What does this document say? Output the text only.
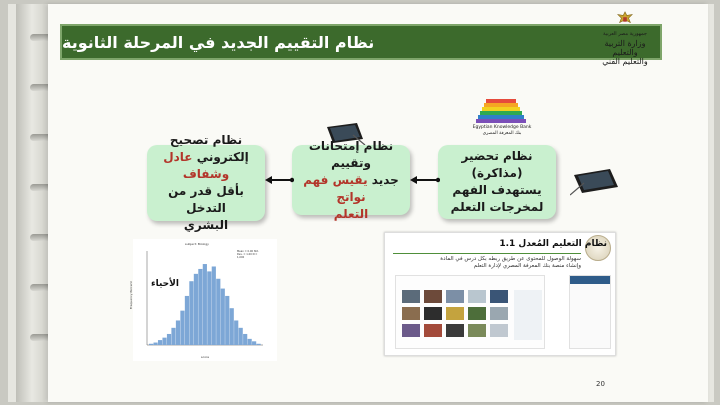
نظام التقييم الجديد في المرحلة الثانوية	جمهورية مصر العربية
وزارة التربية والتعليم
والتعليم الفني
Egyptian Knowledge Bank
بنك المعرفة المصري
نظام تحضير (مذاكرة)
يستهدف الفهم
لمخرجات التعلم
نظام إمتحانات وتقييم
جديد يقيس فهم نواتج
التعلم
نظام تصحيح
إلكتروني عادل وشفاف
بأقل قدر من التدخل
البشري
subject: Biology
Mean = 0.00 Std. Dev. = 1.00 N = 1,000
Frequency Percent
score
الأحياء
نظام التعليم المُعدل 1.1
سهولة الوصول للمحتوى عن طريق ربطه بكل درس في المادة
وإنشاء منصة بنك المعرفة المصري لإدارة التعلم
20
